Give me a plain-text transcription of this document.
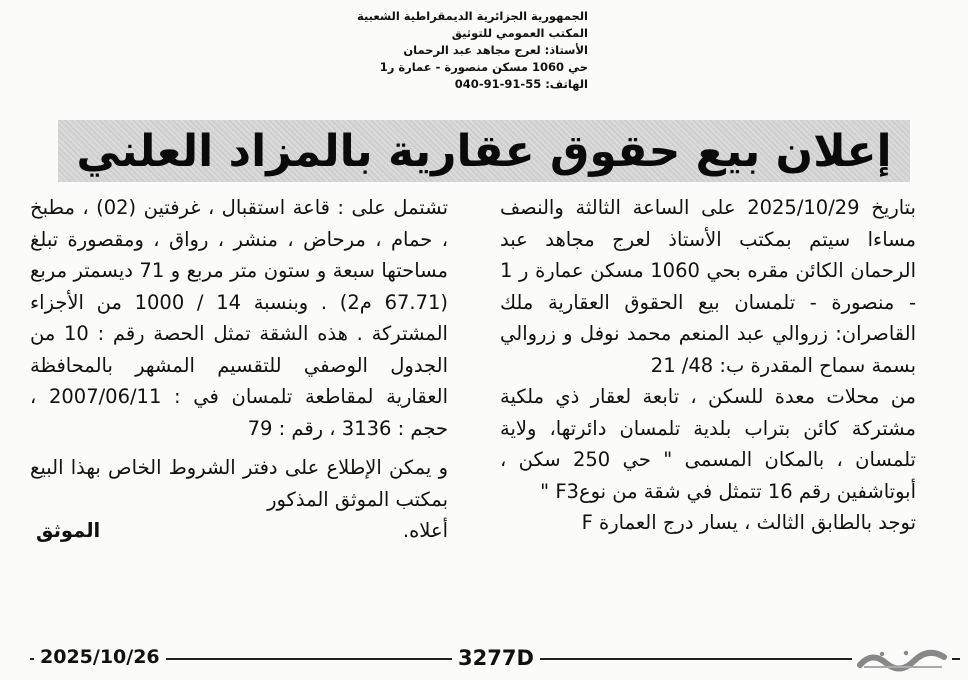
الجمهورية الجزائرية الديمقراطية الشعبية
المكتب العمومي للتوثيق
الأستاذ: لعرج مجاهد عبد الرحمان
حي 1060 مسكن منصورة - عمارة ر1
الهاتف: 55-91-91-040
إعلان بيع حقوق عقارية بالمزاد العلني

بتاريخ 2025/10/29 على الساعة الثالثة والنصف مساءا سيتم بمكتب الأستاذ لعرج مجاهد عبد الرحمان الكائن مقره بحي 1060 مسكن عمارة ر 1 - منصورة - تلمسان بيع الحقوق العقارية ملك القاصران: زروالي عبد المنعم محمد نوفل و زروالي بسمة سماح المقدرة ب: 48/ 21

من محلات معدة للسكن ، تابعة لعقار ذي ملكية مشتركة كائن بتراب بلدية تلمسان دائرتها، ولاية تلمسان ، بالمكان المسمى " حي 250 سكن ، أبوتاشفين رقم 16 تتمثل في شقة من نوعF3 "

توجد بالطابق الثالث ، يسار درج العمارة F

تشتمل على : قاعة استقبال ، غرفتين (02) ، مطبخ ، حمام ، مرحاض ، منشر ، رواق ، ومقصورة تبلغ مساحتها سبعة و ستون متر مربع و 71 ديسمتر مربع (67.71 م2) . وبنسبة 14 / 1000 من الأجزاء المشتركة . هذه الشقة تمثل الحصة رقم : 10 من الجدول الوصفي للتقسيم المشهر بالمحافظة العقارية لمقاطعة تلمسان في : 2007/06/11 ، حجم : 3136 ، رقم : 79

و يمكن الإطلاع على دفتر الشروط الخاص بهذا البيع بمكتب الموثق المذكور

أعلاه.
الموثق
2025/10/26	3277D
